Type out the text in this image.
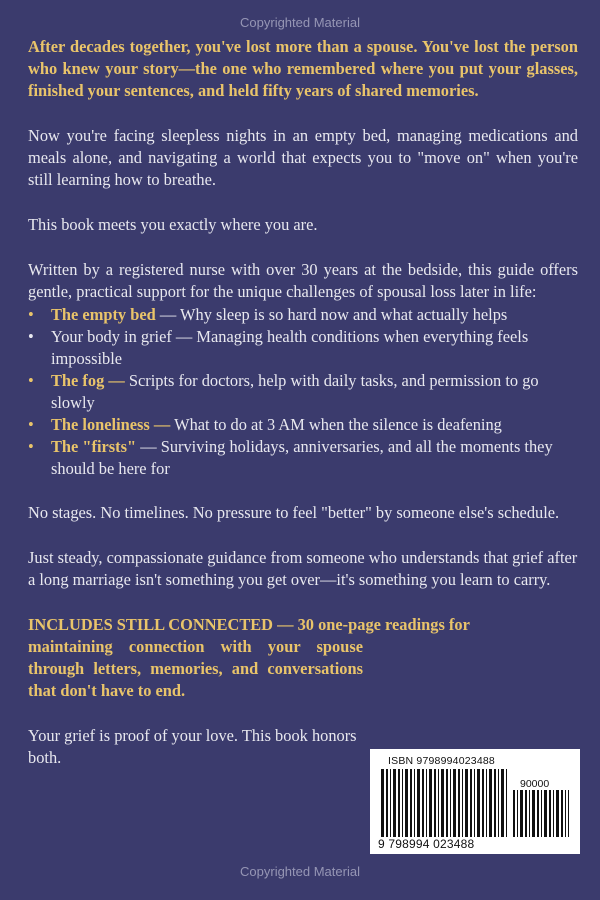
Copyrighted Material

After decades together, you've lost more than a spouse. You've lost the person who knew your story—the one who remembered where you put your glasses, finished your sentences, and held fifty years of shared memories.

Now you're facing sleepless nights in an empty bed, managing medications and meals alone, and navigating a world that expects you to "move on" when you're still learning how to breathe.

This book meets you exactly where you are.

Written by a registered nurse with over 30 years at the bedside, this guide offers gentle, practical support for the unique challenges of spousal loss later in life:

• The empty bed — Why sleep is so hard now and what actually helps
• Your body in grief — Managing health conditions when everything feels impossible
• The fog — Scripts for doctors, help with daily tasks, and permission to go slowly
• The loneliness — What to do at 3 AM when the silence is deafening
• The "firsts" — Surviving holidays, anniversaries, and all the moments they should be here for

No stages. No timelines. No pressure to feel "better" by someone else's schedule.

Just steady, compassionate guidance from someone who understands that grief after a long marriage isn't something you get over—it's something you learn to carry.

INCLUDES STILL CONNECTED — 30 one-page readings for
maintaining connection with your spouse through letters, memories, and conversations that don't have to end.
Your grief is proof of your love. This book honors both.	ISBN 9798994023488
90000
9 798994 023488
Copyrighted Material
